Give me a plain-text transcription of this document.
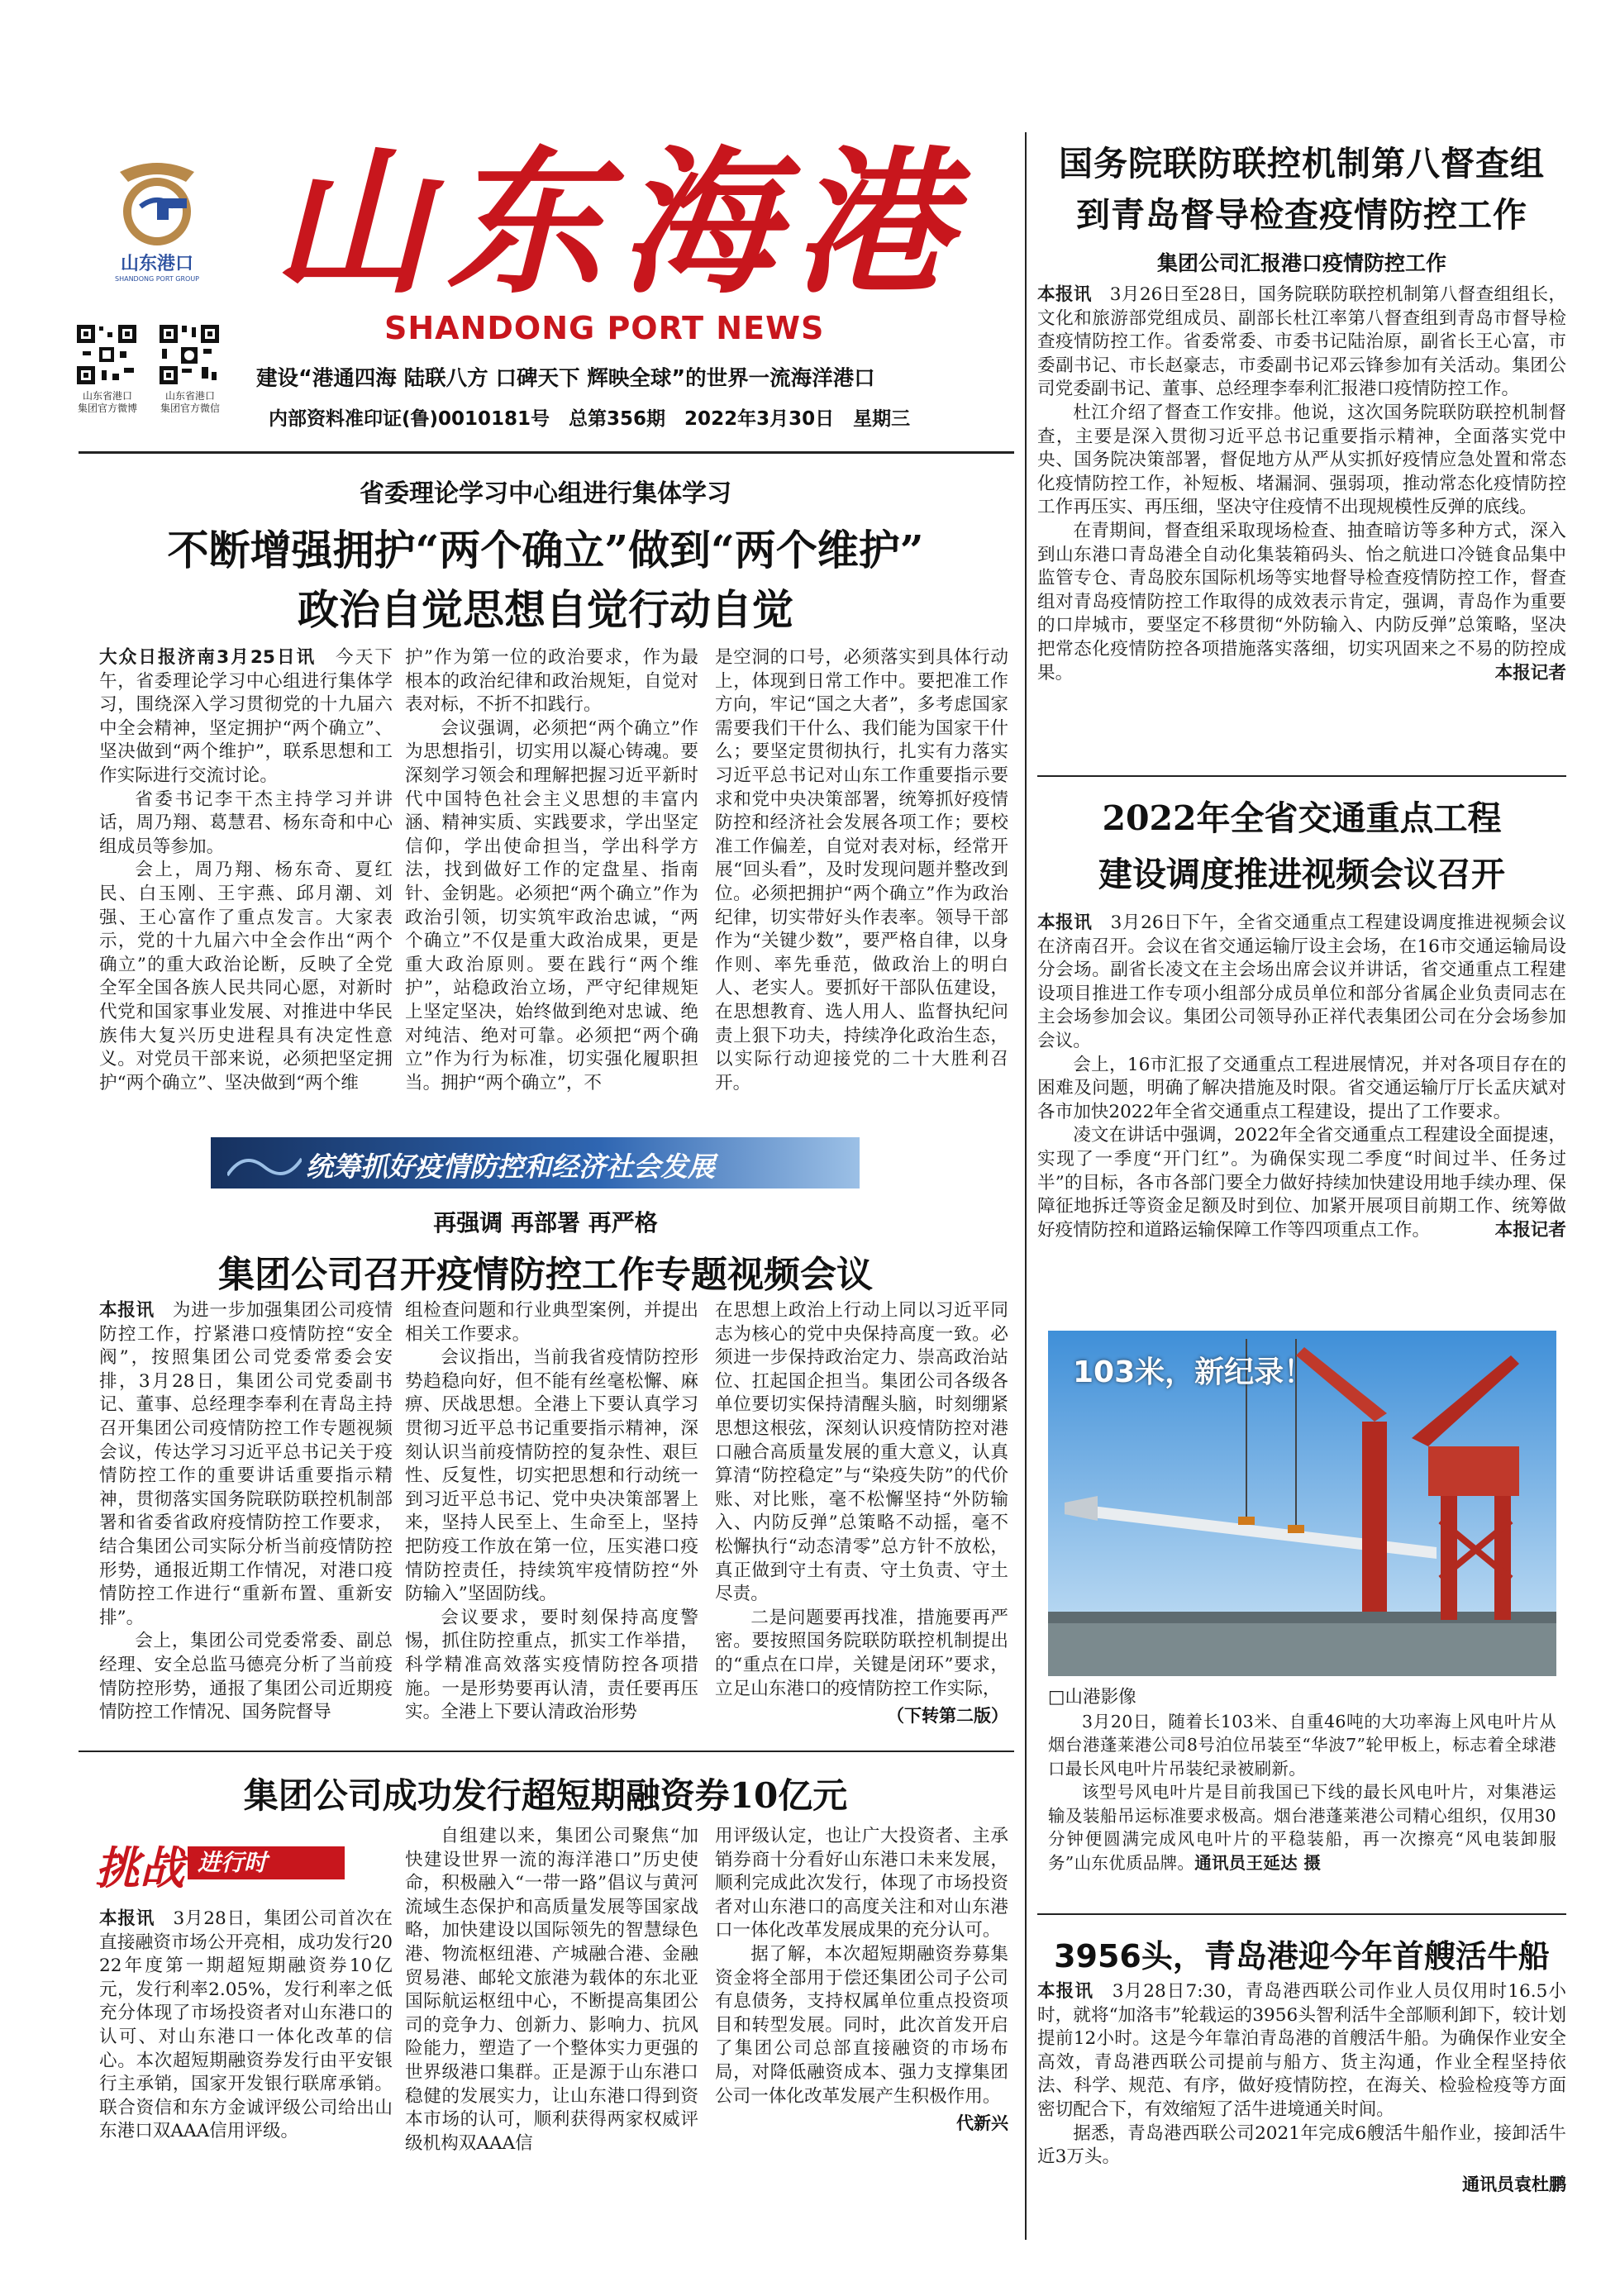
山东港口
SHANDONG PORT GROUP 山东海港
SHANDONG PORT NEWS
山东省港口
集团官方微博
山东省港口
集团官方微信
建设“港通四海 陆联八方 口碑天下 辉映全球”的世界一流海洋港口
内部资料准印证(鲁)0010181号　总第356期　2022年3月30日　星期三
国务院联防联控机制第八督查组
到青岛督导检查疫情防控工作
集团公司汇报港口疫情防控工作

本报讯　 3月26日至28日，国务院联防联控机制第八督查组组长，文化和旅游部党组成员、副部长杜江率第八督查组到青岛市督导检查疫情防控工作。省委常委、市委书记陆治原，副省长王心富，市委副书记、市长赵豪志，市委副书记邓云锋参加有关活动。集团公司党委副书记、董事、总经理李奉利汇报港口疫情防控工作。

杜江介绍了督查工作安排。他说，这次国务院联防联控机制督查，主要是深入贯彻习近平总书记重要指示精神，全面落实党中央、国务院决策部署，督促地方从严从实抓好疫情应急处置和常态化疫情防控工作，补短板、堵漏洞、强弱项，推动常态化疫情防控工作再压实、再压细，坚决守住疫情不出现规模性反弹的底线。

在青期间，督查组采取现场检查、抽查暗访等多种方式，深入到山东港口青岛港全自动化集装箱码头、怡之航进口冷链食品集中监管专仓、青岛胶东国际机场等实地督导检查疫情防控工作，督查组对青岛疫情防控工作取得的成效表示肯定，强调，青岛作为重要的口岸城市，要坚定不移贯彻“外防输入、内防反弹”总策略，坚决把常态化疫情防控各项措施落实落细，切实巩固来之不易的防控成果。	本报记者

2022年全省交通重点工程
建设调度推进视频会议召开

本报讯　 3月26日下午，全省交通重点工程建设调度推进视频会议在济南召开。会议在省交通运输厅设主会场，在16市交通运输局设分会场。副省长凌文在主会场出席会议并讲话，省交通重点工程建设项目推进工作专项小组部分成员单位和部分省属企业负责同志在主会场参加会议。集团公司领导孙正祥代表集团公司在分会场参加会议。

会上，16市汇报了交通重点工程进展情况，并对各项目存在的困难及问题，明确了解决措施及时限。省交通运输厅厅长孟庆斌对各市加快2022年全省交通重点工程建设，提出了工作要求。

凌文在讲话中强调，2022年全省交通重点工程建设全面提速，实现了一季度“开门红”。为确保实现二季度“时间过半、任务过半”的目标，各市各部门要全力做好持续加快建设用地手续办理、保障征地拆迁等资金足额及时到位、加紧开展项目前期工作、统筹做好疫情防控和道路运输保障工作等四项重点工作。	本报记者

103米，新纪录！

□山港影像

3月20日，随着长103米、自重46吨的大功率海上风电叶片从烟台港蓬莱港公司8号泊位吊装至“华波7”轮甲板上，标志着全球港口最长风电叶片吊装纪录被刷新。

该型号风电叶片是目前我国已下线的最长风电叶片，对集港运输及装船吊运标准要求极高。烟台港蓬莱港公司精心组织，仅用30分钟便圆满完成风电叶片的平稳装船，再一次擦亮“风电装卸服务”山东优质品牌。通讯员王延达 摄

3956头，青岛港迎今年首艘活牛船

本报讯　 3月28日7:30，青岛港西联公司作业人员仅用时16.5小时，就将“加洛韦”轮载运的3956头智利活牛全部顺利卸下，较计划提前12小时。这是今年靠泊青岛港的首艘活牛船。为确保作业安全高效，青岛港西联公司提前与船方、货主沟通，作业全程坚持依法、科学、规范、有序，做好疫情防控，在海关、检验检疫等方面密切配合下，有效缩短了活牛进境通关时间。

据悉，青岛港西联公司2021年完成6艘活牛船作业，接卸活牛近3万头。

通讯员袁杜鹏
省委理论学习中心组进行集体学习
不断增强拥护“两个确立”做到“两个维护”
政治自觉思想自觉行动自觉

大众日报济南3月25日讯　 今天下午，省委理论学习中心组进行集体学习，围绕深入学习贯彻党的十九届六中全会精神，坚定拥护“两个确立”、坚决做到“两个维护”，联系思想和工作实际进行交流讨论。

省委书记李干杰主持学习并讲话，周乃翔、葛慧君、杨东奇和中心组成员等参加。

会上，周乃翔、杨东奇、夏红民、白玉刚、王宇燕、邱月潮、刘强、王心富作了重点发言。大家表示，党的十九届六中全会作出“两个确立”的重大政治论断，反映了全党全军全国各族人民共同心愿，对新时代党和国家事业发展、对推进中华民族伟大复兴历史进程具有决定性意义。对党员干部来说，必须把坚定拥护“两个确立”、坚决做到“两个维

护”作为第一位的政治要求，作为最根本的政治纪律和政治规矩，自觉对表对标，不折不扣践行。

会议强调，必须把“两个确立”作为思想指引，切实用以凝心铸魂。要深刻学习领会和理解把握习近平新时代中国特色社会主义思想的丰富内涵、精神实质、实践要求，学出坚定信仰，学出使命担当，学出科学方法，找到做好工作的定盘星、指南针、金钥匙。必须把“两个确立”作为政治引领，切实筑牢政治忠诚，“两个确立”不仅是重大政治成果，更是重大政治原则。要在践行“两个维护”，站稳政治立场，严守纪律规矩上坚定坚决，始终做到绝对忠诚、绝对纯洁、绝对可靠。必须把“两个确立”作为行为标准，切实强化履职担当。拥护“两个确立”，不

是空洞的口号，必须落实到具体行动上，体现到日常工作中。要把准工作方向，牢记“国之大者”，多考虑国家需要我们干什么、我们能为国家干什么；要坚定贯彻执行，扎实有力落实习近平总书记对山东工作重要指示要求和党中央决策部署，统筹抓好疫情防控和经济社会发展各项工作；要校准工作偏差，自觉对表对标，经常开展“回头看”，及时发现问题并整改到位。必须把拥护“两个确立”作为政治纪律，切实带好头作表率。领导干部作为“关键少数”，要严格自律，以身作则、率先垂范，做政治上的明白人、老实人。要抓好干部队伍建设，在思想教育、选人用人、监督执纪问责上狠下功夫，持续净化政治生态，以实际行动迎接党的二十大胜利召开。

统筹抓好疫情防控和经济社会发展
再强调 再部署 再严格
集团公司召开疫情防控工作专题视频会议

本报讯　 为进一步加强集团公司疫情防控工作，拧紧港口疫情防控“安全阀”，按照集团公司党委常委会安排，3月28日，集团公司党委副书记、董事、总经理李奉利在青岛主持召开集团公司疫情防控工作专题视频会议，传达学习习近平总书记关于疫情防控工作的重要讲话重要指示精神，贯彻落实国务院联防联控机制部署和省委省政府疫情防控工作要求，结合集团公司实际分析当前疫情防控形势，通报近期工作情况，对港口疫情防控工作进行“重新布置、重新安排”。

会上，集团公司党委常委、副总经理、安全总监马德亮分析了当前疫情防控形势，通报了集团公司近期疫情防控工作情况、国务院督导

组检查问题和行业典型案例，并提出相关工作要求。

会议指出，当前我省疫情防控形势趋稳向好，但不能有丝毫松懈、麻痹、厌战思想。全港上下要认真学习贯彻习近平总书记重要指示精神，深刻认识当前疫情防控的复杂性、艰巨性、反复性，切实把思想和行动统一到习近平总书记、党中央决策部署上来，坚持人民至上、生命至上，坚持把防疫工作放在第一位，压实港口疫情防控责任，持续筑牢疫情防控“外防输入”坚固防线。

会议要求，要时刻保持高度警惕，抓住防控重点，抓实工作举措，科学精准高效落实疫情防控各项措施。一是形势要再认清，责任要再压实。全港上下要认清政治形势

在思想上政治上行动上同以习近平同志为核心的党中央保持高度一致。必须进一步保持政治定力、崇高政治站位、扛起国企担当。集团公司各级各单位要切实保持清醒头脑，时刻绷紧思想这根弦，深刻认识疫情防控对港口融合高质量发展的重大意义，认真算清“防控稳定”与“染疫失防”的代价账、对比账，毫不松懈坚持“外防输入、内防反弹”总策略不动摇，毫不松懈执行“动态清零”总方针不放松，真正做到守土有责、守土负责、守土尽责。

二是问题要再找准，措施要再严密。要按照国务院联防联控机制提出的“重点在口岸，关键是闭环”要求，立足山东港口的疫情防控工作实际，

（下转第二版）
集团公司成功发行超短期融资券10亿元
挑战 进行时

本报讯　 3月28日，集团公司首次在直接融资市场公开亮相，成功发行2022年度第一期超短期融资券10亿元，发行利率2.05%，发行利率之低充分体现了市场投资者对山东港口的认可、对山东港口一体化改革的信心。本次超短期融资券发行由平安银行主承销，国家开发银行联席承销。联合资信和东方金诚评级公司给出山东港口双AAA信用评级。

自组建以来，集团公司聚焦“加快建设世界一流的海洋港口”历史使命，积极融入“一带一路”倡议与黄河流域生态保护和高质量发展等国家战略，加快建设以国际领先的智慧绿色港、物流枢纽港、产城融合港、金融贸易港、邮轮文旅港为载体的东北亚国际航运枢纽中心，不断提高集团公司的竞争力、创新力、影响力、抗风险能力，塑造了一个整体实力更强的世界级港口集群。正是源于山东港口稳健的发展实力，让山东港口得到资本市场的认可，顺利获得两家权威评级机构双AAA信

用评级认定，也让广大投资者、主承销券商十分看好山东港口未来发展，顺利完成此次发行，体现了市场投资者对山东港口的高度关注和对山东港口一体化改革发展成果的充分认可。

据了解，本次超短期融资券募集资金将全部用于偿还集团公司子公司有息债务，支持权属单位重点投资项目和转型发展。同时，此次首发开启了集团公司总部直接融资的市场布局，对降低融资成本、强力支撑集团公司一体化改革发展产生积极作用。

代新兴
